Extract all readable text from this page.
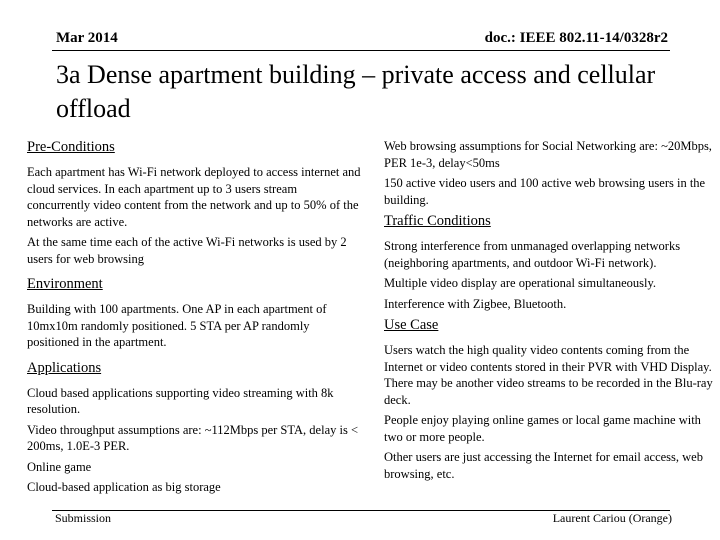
Mar 2014	doc.: IEEE 802.11-14/0328r2
3a Dense apartment building – private access and cellular offload
Pre-Conditions
Each apartment has Wi-Fi network deployed to access internet and cloud services. In each apartment up to 3 users stream concurrently video content from the network and up to 50% of the networks are active.
At the same time each of the active Wi-Fi networks is used by 2 users for web browsing
Environment
Building with 100 apartments. One AP in each apartment of 10mx10m randomly positioned. 5 STA per AP randomly positioned in the apartment.
Applications
Cloud based applications supporting video streaming with 8k resolution.
Video throughput assumptions are: ~112Mbps per STA, delay is < 200ms, 1.0E-3 PER.
Online game
Cloud-based application as big storage
Web browsing assumptions for Social Networking are: ~20Mbps, PER 1e-3, delay<50ms
150 active video users and 100 active web browsing users in the building.
Traffic Conditions
Strong interference from unmanaged overlapping networks (neighboring apartments, and outdoor Wi-Fi network).
Multiple video display are operational simultaneously.
Interference with Zigbee, Bluetooth.
Use Case
Users watch the high quality video contents coming from the Internet or video contents stored in their PVR with VHD Display. There may be another video streams to be recorded in the Blu-ray deck.
People enjoy playing online games or local game machine with two or more people.
Other users are just accessing the Internet for email access, web browsing, etc.
Submission	Laurent Cariou (Orange)
